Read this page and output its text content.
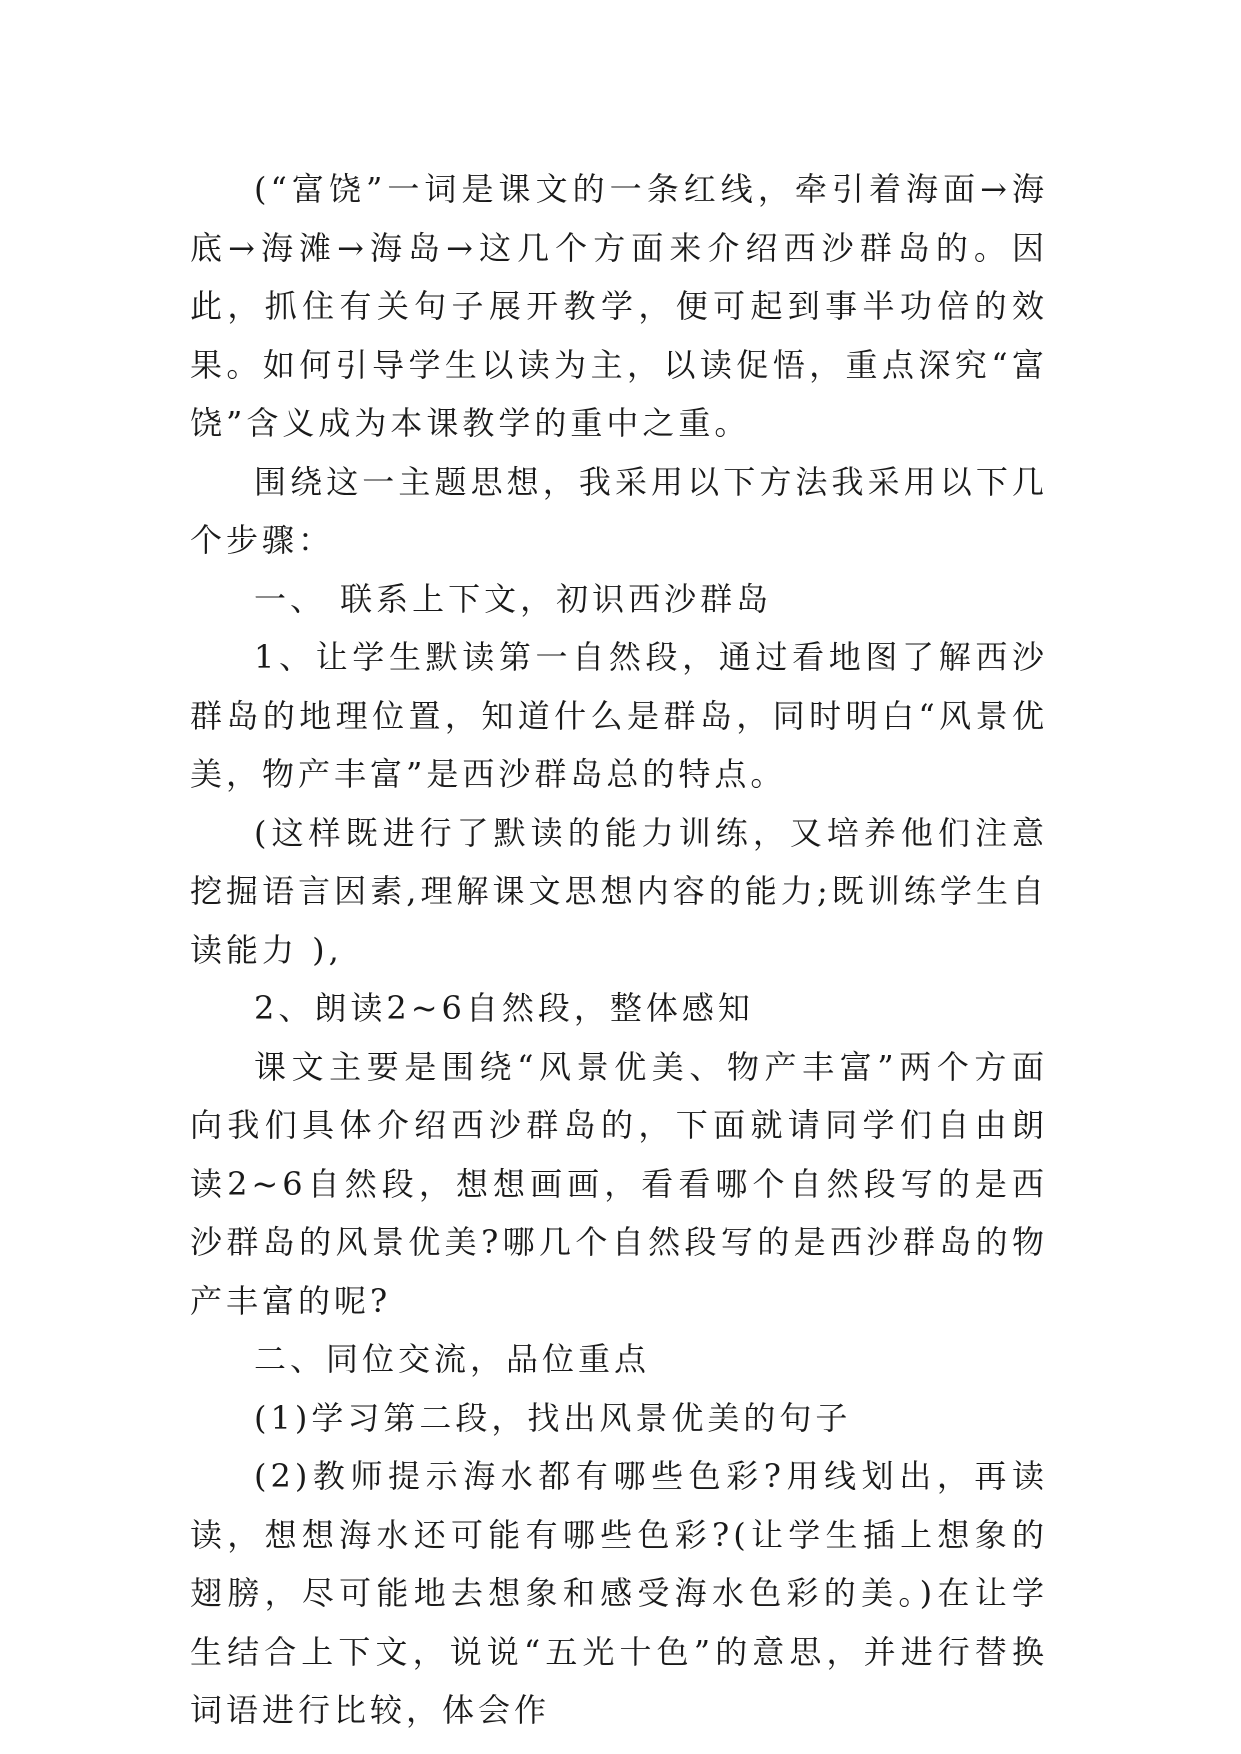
(“富饶”一词是课文的一条红线，牵引着海面→海底→海滩→海岛→这几个方面来介绍西沙群岛的。因此，抓住有关句子展开教学，便可起到事半功倍的效果。如何引导学生以读为主，以读促悟，重点深究“富饶”含义成为本课教学的重中之重。

围绕这一主题思想，我采用以下方法我采用以下几个步骤：

一、 联系上下文，初识西沙群岛

1、让学生默读第一自然段，通过看地图了解西沙群岛的地理位置，知道什么是群岛，同时明白“风景优美，物产丰富”是西沙群岛总的特点。

(这样既进行了默读的能力训练，又培养他们注意挖掘语言因素,理解课文思想内容的能力;既训练学生自读能力 ),

2、朗读2~6自然段，整体感知

课文主要是围绕“风景优美、物产丰富”两个方面向我们具体介绍西沙群岛的，下面就请同学们自由朗读2~6自然段，想想画画，看看哪个自然段写的是西沙群岛的风景优美?哪几个自然段写的是西沙群岛的物产丰富的呢?

二、同位交流，品位重点

(1)学习第二段，找出风景优美的句子

(2)教师提示海水都有哪些色彩?用线划出，再读读，想想海水还可能有哪些色彩?(让学生插上想象的翅膀，尽可能地去想象和感受海水色彩的美。)在让学生结合上下文，说说“五光十色”的意思，并进行替换词语进行比较，体会作
